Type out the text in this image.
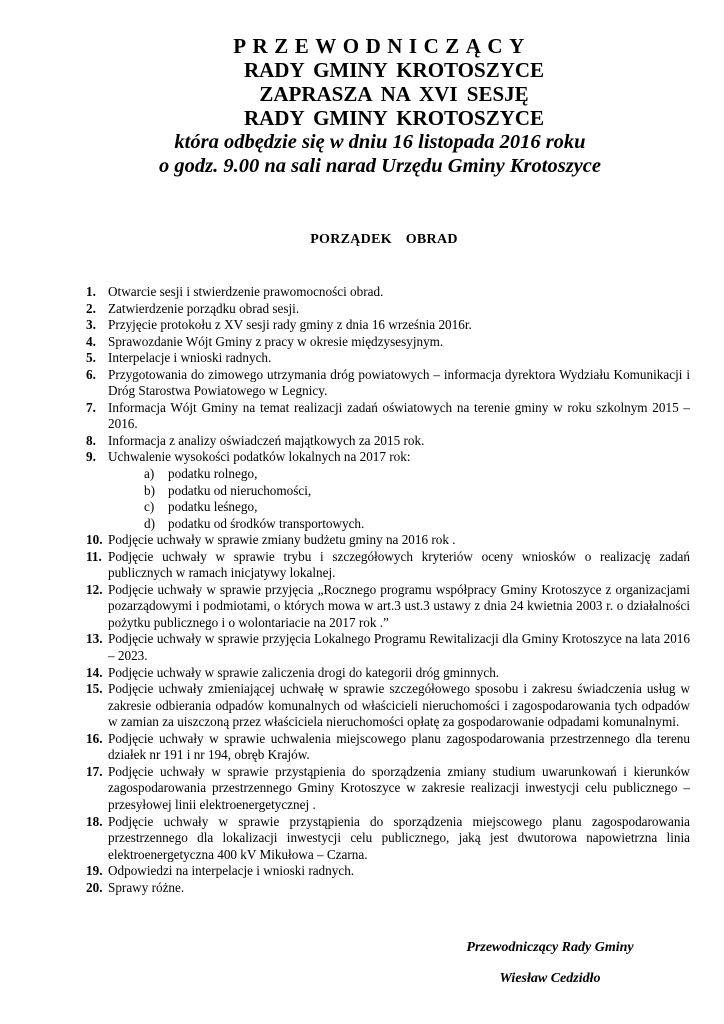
PRZEWODNICZĄCY
RADY GMINY KROTOSZYCE
ZAPRASZA NA XVI SESJĘ
RADY GMINY KROTOSZYCE
która odbędzie się w dniu 16 listopada 2016 roku
o godz. 9.00 na sali narad Urzędu Gminy Krotoszyce
PORZĄDEK OBRAD
1. Otwarcie sesji i stwierdzenie prawomocności obrad.
2. Zatwierdzenie porządku obrad sesji.
3. Przyjęcie protokołu z XV sesji rady gminy z dnia 16 września 2016r.
4. Sprawozdanie Wójt Gminy z pracy w okresie międzysesyjnym.
5. Interpelacje i wnioski radnych.
6. Przygotowania do zimowego utrzymania dróg powiatowych – informacja dyrektora Wydziału Komunikacji i Dróg Starostwa Powiatowego w Legnicy.
7. Informacja Wójt Gminy na temat realizacji zadań oświatowych na terenie gminy w roku szkolnym 2015 – 2016.
8. Informacja z analizy oświadczeń majątkowych za 2015 rok.
9. Uchwalenie wysokości podatków lokalnych na 2017 rok:
a)	podatku rolnego,
b) podatku od nieruchomości,
c)	podatku leśnego,
d) podatku od środków transportowych.
10. Podjęcie uchwały w sprawie zmiany budżetu gminy na 2016 rok .
11. Podjęcie uchwały w sprawie trybu i szczegółowych kryteriów oceny wniosków o realizację zadań publicznych w ramach inicjatywy lokalnej.
12. Podjęcie uchwały w sprawie przyjęcia „Rocznego programu współpracy Gminy Krotoszyce z organizacjami pozarządowymi i podmiotami, o których mowa w art.3 ust.3 ustawy z dnia 24 kwietnia 2003 r. o działalności pożytku publicznego i o wolontariacie na 2017 rok .”
13. Podjęcie uchwały w sprawie przyjęcia Lokalnego Programu Rewitalizacji dla Gminy Krotoszyce na lata 2016 – 2023.
14. Podjęcie uchwały w sprawie zaliczenia drogi do kategorii dróg gminnych.
15. Podjęcie uchwały zmieniającej uchwałę w sprawie szczegółowego sposobu i zakresu świadczenia usług w zakresie odbierania odpadów komunalnych od właścicieli nieruchomości i zagospodarowania tych odpadów w zamian za uiszczoną przez właściciela nieruchomości opłatę za gospodarowanie odpadami komunalnymi.
16. Podjęcie uchwały w sprawie uchwalenia miejscowego planu zagospodarowania przestrzennego dla terenu działek nr 191 i nr 194, obręb Krajów.
17. Podjęcie uchwały w sprawie przystąpienia do sporządzenia zmiany studium uwarunkowań i kierunków zagospodarowania przestrzennego Gminy Krotoszyce w zakresie realizacji inwestycji celu publicznego – przesyłowej linii elektroenergetycznej .
18. Podjęcie uchwały w sprawie przystąpienia do sporządzenia miejscowego planu zagospodarowania przestrzennego dla lokalizacji inwestycji celu publicznego, jaką jest dwutorowa napowietrzna linia elektroenergetyczna 400 kV Mikułowa – Czarna.
19. Odpowiedzi na interpelacje i wnioski radnych.
20. Sprawy różne.
Przewodniczący Rady Gminy
Wiesław Cedzidło
